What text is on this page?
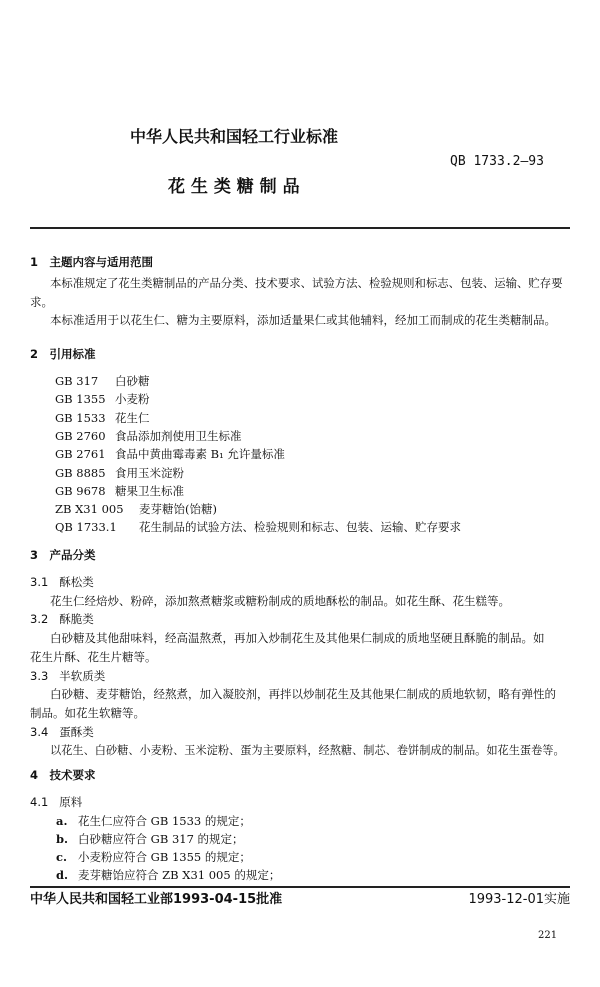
中华人民共和国轻工行业标准
QB 1733.2—93
花 生 类 糖 制 品
1　主题内容与适用范围
本标准规定了花生类糖制品的产品分类、技术要求、试验方法、检验规则和标志、包装、运输、贮存要
求。
本标准适用于以花生仁、糖为主要原料，添加适量果仁或其他辅料，经加工而制成的花生类糖制品。
2　引用标准
GB 317 白砂糖
GB 1355 小麦粉
GB 1533 花生仁
GB 2760 食品添加剂使用卫生标准
GB 2761 食品中黄曲霉毒素 B₁ 允许量标准
GB 8885 食用玉米淀粉
GB 9678 糖果卫生标准
ZB X31 005 麦芽糖饴(饴糖)
QB 1733.1 花生制品的试验方法、检验规则和标志、包装、运输、贮存要求
3　产品分类
3.1 酥松类
花生仁经焙炒、粉碎，添加熬煮糖浆或糖粉制成的质地酥松的制品。如花生酥、花生糕等。
3.2 酥脆类
白砂糖及其他甜味料，经高温熬煮，再加入炒制花生及其他果仁制成的质地坚硬且酥脆的制品。如
花生片酥、花生片糖等。
3.3 半软质类
白砂糖、麦芽糖饴，经熬煮，加入凝胶剂，再拌以炒制花生及其他果仁制成的质地软韧，略有弹性的
制品。如花生软糖等。
3.4 蛋酥类
以花生、白砂糖、小麦粉、玉米淀粉、蛋为主要原料，经熬糖、制芯、卷饼制成的制品。如花生蛋卷等。
4　技术要求
4.1 原料
a. 花生仁应符合 GB 1533 的规定；
b. 白砂糖应符合 GB 317 的规定；
c. 小麦粉应符合 GB 1355 的规定；
d. 麦芽糖饴应符合 ZB X31 005 的规定；
中华人民共和国轻工业部1993-04-15批准	1993-12-01实施
221
